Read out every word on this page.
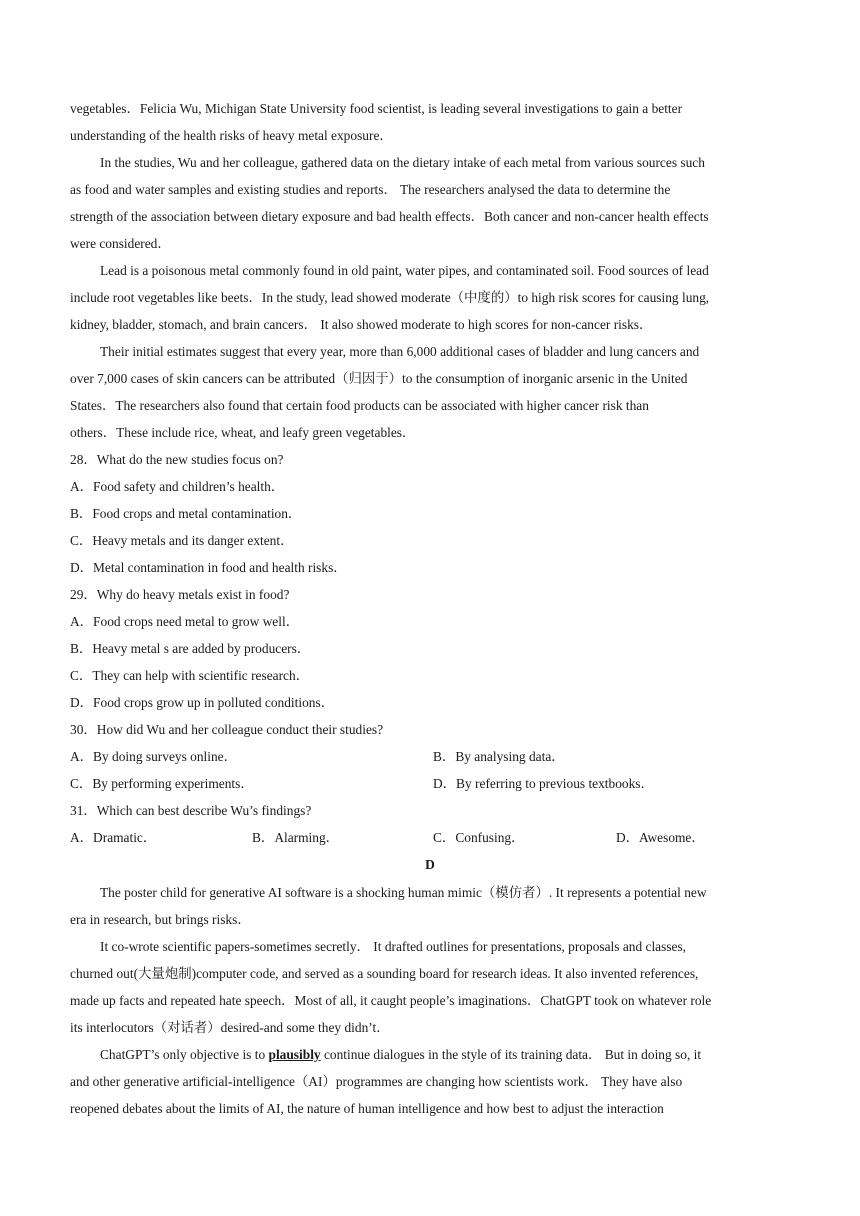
vegetables．Felicia Wu, Michigan State University food scientist, is leading several investigations to gain a better
understanding of the health risks of heavy metal exposure．
In the studies, Wu and her colleague, gathered data on the dietary intake of each metal from various sources such
as food and water samples and existing studies and reports． The researchers analysed the data to determine the
strength of the association between dietary exposure and bad health effects．Both cancer and non-cancer health effects
were considered．
Lead is a poisonous metal commonly found in old paint, water pipes, and contaminated soil. Food sources of lead
include root vegetables like beets．In the study, lead showed moderate（中度的）to high risk scores for causing lung,
kidney, bladder, stomach, and brain cancers． It also showed moderate to high scores for non-cancer risks．
Their initial estimates suggest that every year, more than 6,000 additional cases of bladder and lung cancers and
over 7,000 cases of skin cancers can be attributed（归因于）to the consumption of inorganic arsenic in the United
States．The researchers also found that certain food products can be associated with higher cancer risk than
others．These include rice, wheat, and leafy green vegetables．
28．What do the new studies focus on?
A．Food safety and children’s health．
B．Food crops and metal contamination．
C．Heavy metals and its danger extent．
D．Metal contamination in food and health risks．
29．Why do heavy metals exist in food?
A．Food crops need metal to grow well．
B．Heavy metal s are added by producers．
C．They can help with scientific research．
D．Food crops grow up in polluted conditions．
30．How did Wu and her colleague conduct their studies?
A．By doing surveys online．	B．By analysing data．
C．By performing experiments．	D．By referring to previous textbooks．
31．Which can best describe Wu’s findings?
A．Dramatic．	B．Alarming．	C．Confusing．	D．Awesome．
D
The poster child for generative AI software is a shocking human mimic（模仿者）. It represents a potential new
era in research, but brings risks．
It co-wrote scientific papers-sometimes secretly． It drafted outlines for presentations, proposals and classes,
churned out(大量炮制)computer code, and served as a sounding board for research ideas. It also invented references,
made up facts and repeated hate speech．Most of all, it caught people’s imaginations．ChatGPT took on whatever role
its interlocutors（对话者）desired-and some they didn’t．
ChatGPT’s only objective is to plausibly continue dialogues in the style of its training data． But in doing so, it
and other generative artificial-intelligence（AI）programmes are changing how scientists work． They have also
reopened debates about the limits of AI, the nature of human intelligence and how best to adjust the interaction
